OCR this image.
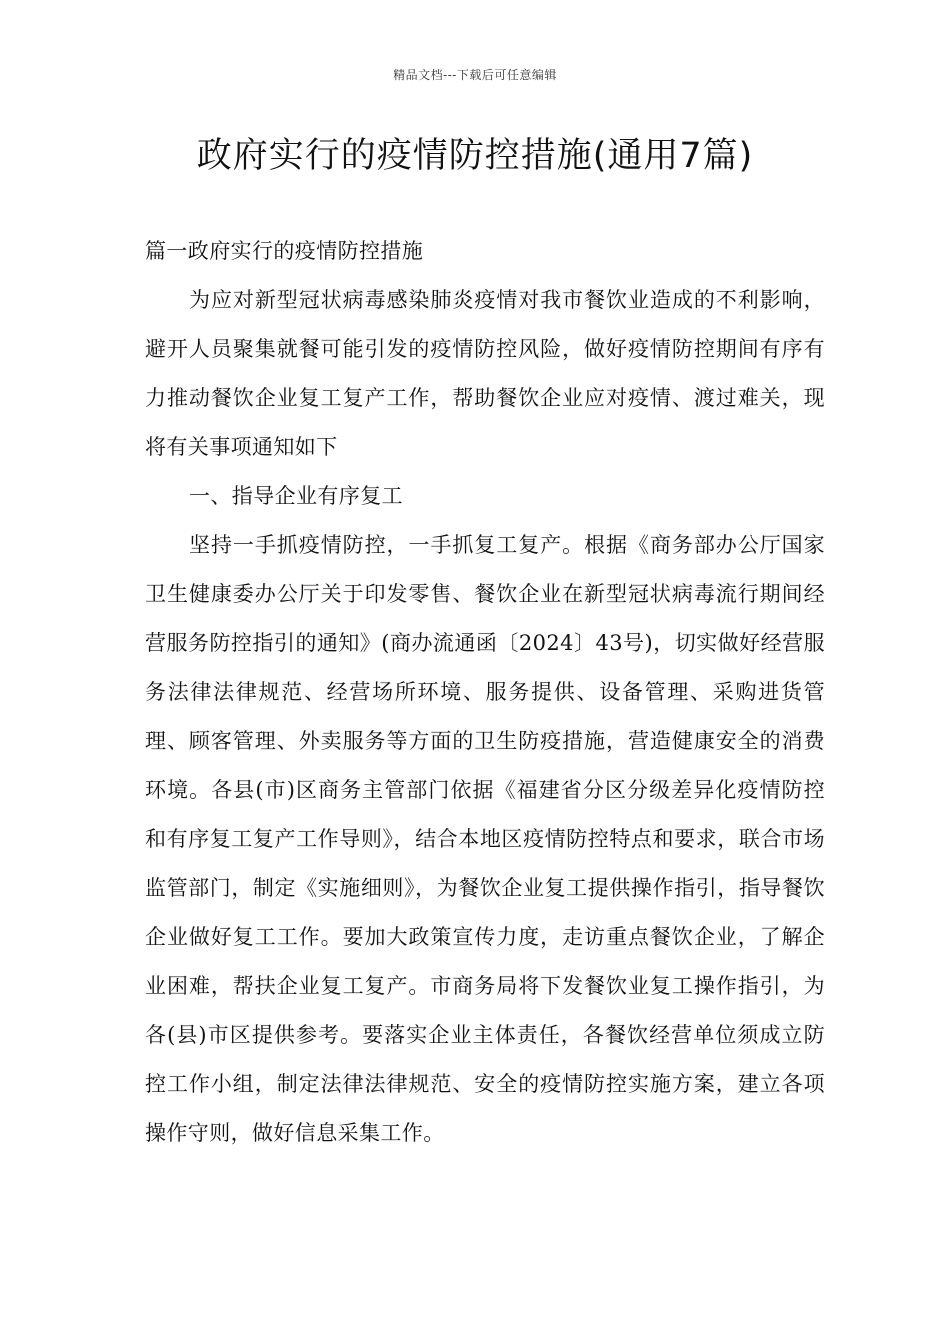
精品文档---下载后可任意编辑
政府实行的疫情防控措施(通用7篇)

篇一政府实行的疫情防控措施

为应对新型冠状病毒感染肺炎疫情对我市餐饮业造成的不利影响，避开人员聚集就餐可能引发的疫情防控风险，做好疫情防控期间有序有力推动餐饮企业复工复产工作，帮助餐饮企业应对疫情、渡过难关，现将有关事项通知如下

一、指导企业有序复工

坚持一手抓疫情防控，一手抓复工复产。根据《商务部办公厅国家卫生健康委办公厅关于印发零售、餐饮企业在新型冠状病毒流行期间经营服务防控指引的通知》(商办流通函〔2024〕43号)，切实做好经营服务法律法律规范、经营场所环境、服务提供、设备管理、采购进货管理、顾客管理、外卖服务等方面的卫生防疫措施，营造健康安全的消费环境。各县(市)区商务主管部门依据《福建省分区分级差异化疫情防控和有序复工复产工作导则》，结合本地区疫情防控特点和要求，联合市场监管部门，制定《实施细则》，为餐饮企业复工提供操作指引，指导餐饮企业做好复工工作。要加大政策宣传力度，走访重点餐饮企业，了解企业困难，帮扶企业复工复产。市商务局将下发餐饮业复工操作指引，为各(县)市区提供参考。要落实企业主体责任，各餐饮经营单位须成立防控工作小组，制定法律法律规范、安全的疫情防控实施方案，建立各项操作守则，做好信息采集工作。
